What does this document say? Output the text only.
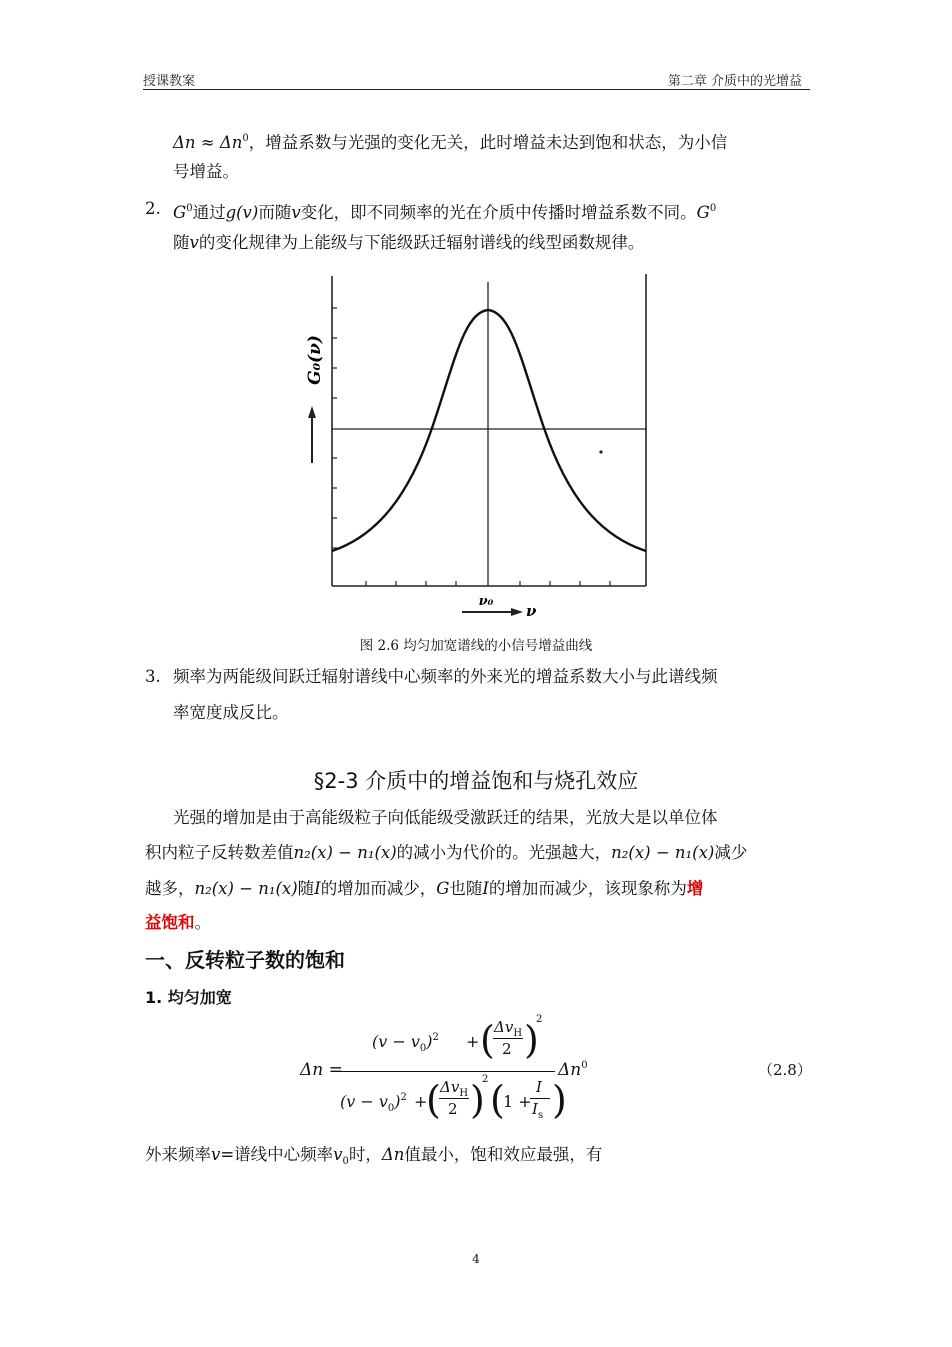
授课教案	第二章 介质中的光增益
$\Delta n \approx \Delta n^0$，增益系数与光强的变化无关，此时增益未达到饱和状态，为小信
号增益。
2. $G^0$通过g(v)而随v变化，即不同频率的光在介质中传播时增益系数不同。$G^0$
随v的变化规律为上能级与下能级跃迁辐射谱线的线型函数规律。
G₀(ν)
ν₀
ν
图 2.6 均匀加宽谱线的小信号增益曲线
3. 频率为两能级间跃迁辐射谱线中心频率的外来光的增益系数大小与此谱线频
率宽度成反比。
§2-3 介质中的增益饱和与烧孔效应
光强的增加是由于高能级粒子向低能级受激跃迁的结果，光放大是以单位体
积内粒子反转数差值n₂(x) − n₁(x)的减小为代价的。光强越大，n₂(x) − n₁(x)减少
越多，n₂(x) − n₁(x)随I的增加而减少，G也随I的增加而减少，该现象称为增
益饱和。
一、反转粒子数的饱和
1. 均匀加宽
Δn =
$(v - v_0)^2$ + ( $\Delta v_H$
2 )
2
$(v - v_0)^2$ +
( $\Delta v_H$
2 )
2 (
1 +
I
$I_s$ )
$\Delta n^0$	（2.8）
外来频率v=谱线中心频率$v_0$时，Δn值最小，饱和效应最强，有
4
